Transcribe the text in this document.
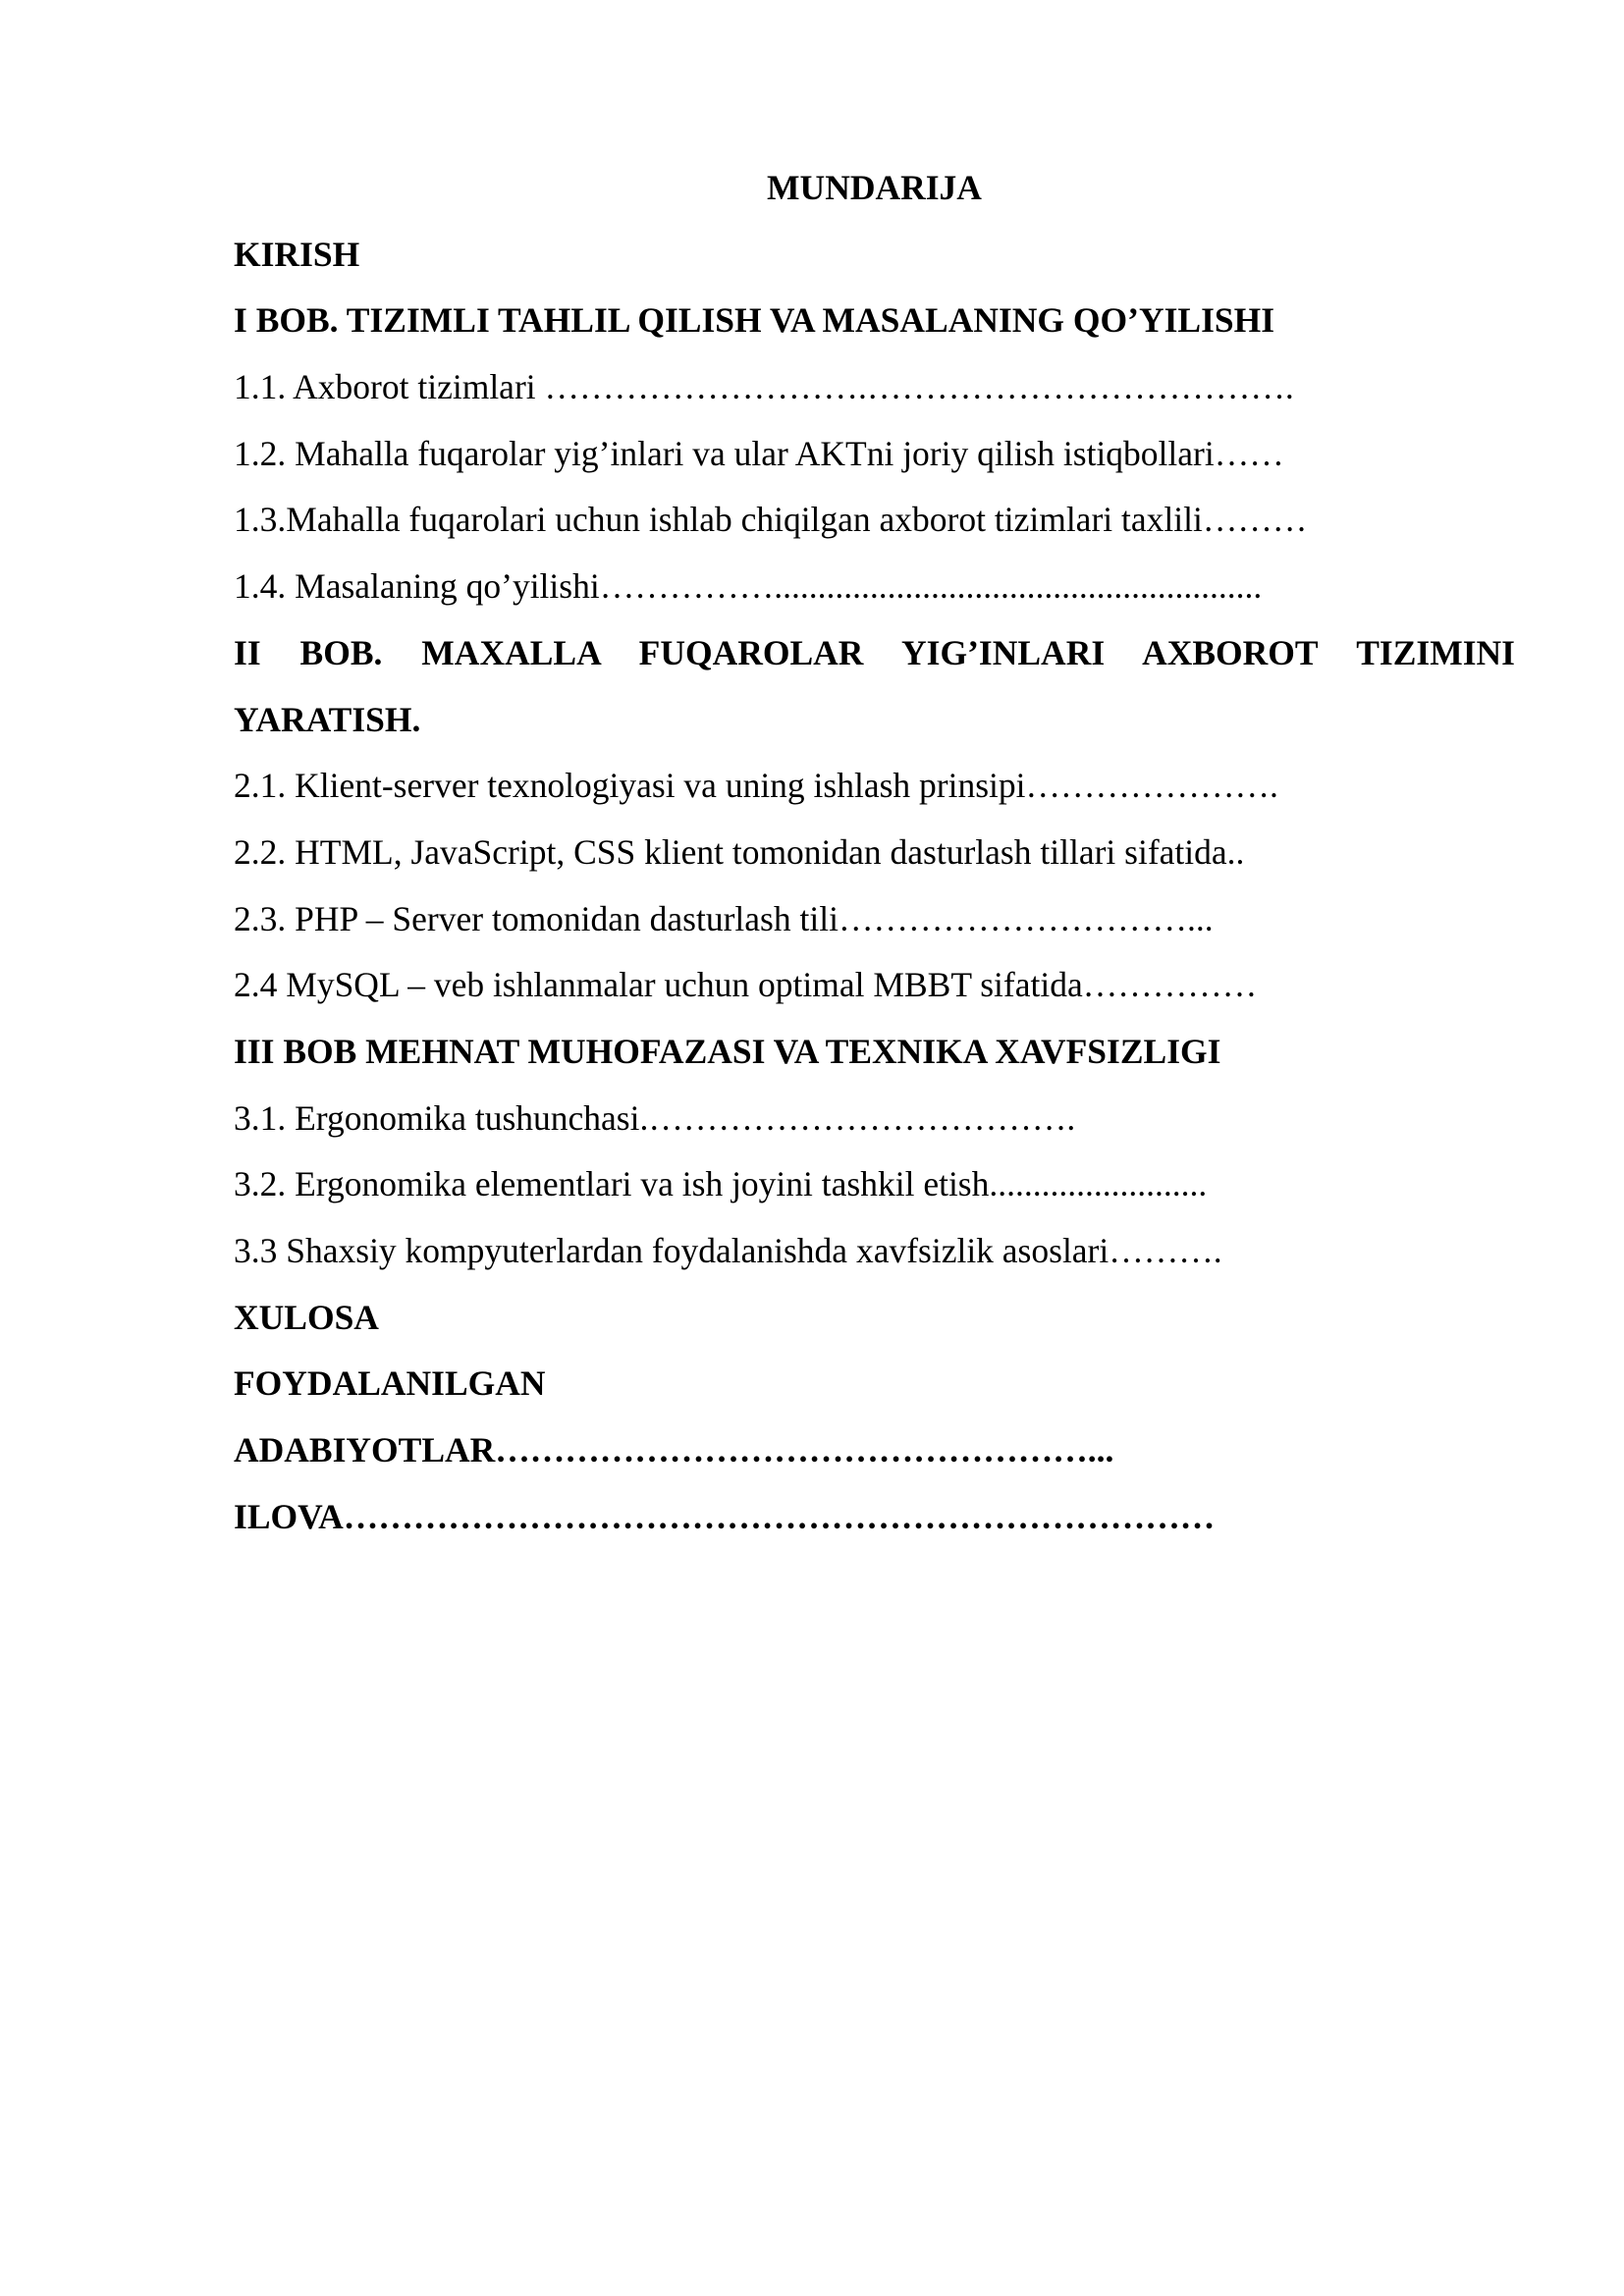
MUNDARIJA
KIRISH
I BOB. TIZIMLI TAHLIL QILISH VA MASALANING QO’YILISHI
1.1. Axborot tizimlari ……………………….……………………………….
1.2. Mahalla fuqarolar yig’inlari va ular AKTni joriy qilish istiqbollari……
1.3.Mahalla fuqarolari uchun ishlab chiqilgan axborot tizimlari taxlili………
1.4. Masalaning qo’yilishi……………........................................................
II BOB. MAXALLA FUQAROLAR YIG’INLARI AXBOROT TIZIMINI
YARATISH.
2.1. Klient-server texnologiyasi va uning ishlash prinsipi………………….
2.2. HTML, JavaScript, CSS klient tomonidan dasturlash tillari sifatida..
2.3. PHP – Server tomonidan dasturlash tili…………………………...
2.4 MySQL – veb ishlanmalar uchun optimal MBBT sifatida……………
III BOB MEHNAT MUHOFAZASI VA TEXNIKA XAVFSIZLIGI
3.1. Ergonomika tushunchasi.……………………………….
3.2. Ergonomika elementlari va ish joyini tashkil etish.........................
3.3 Shaxsiy kompyuterlardan foydalanishda xavfsizlik asoslari……….
XULOSA
FOYDALANILGAN
ADABIYOTLAR……………………………………………...
ILOVA…………………………………………………………………
